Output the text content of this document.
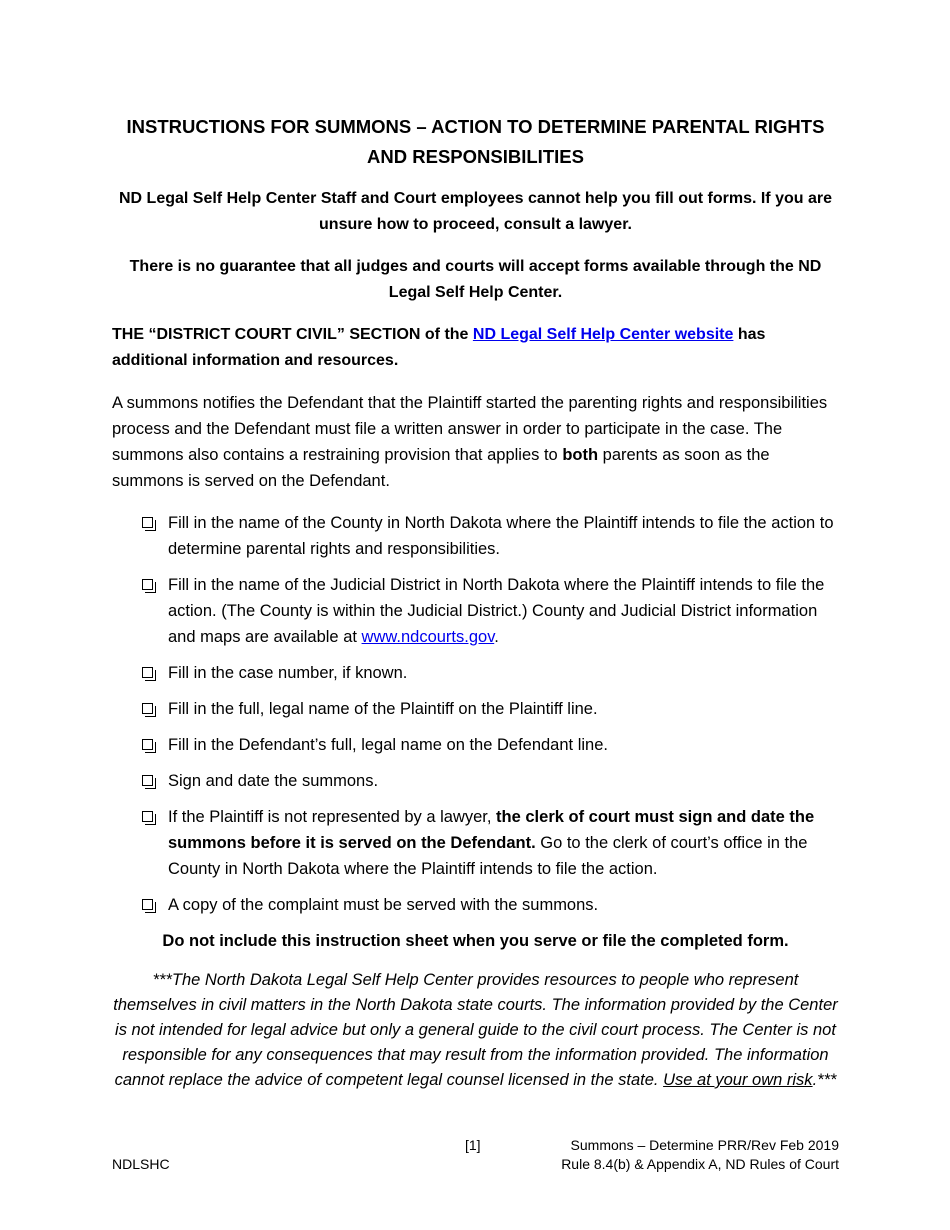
INSTRUCTIONS FOR SUMMONS – ACTION TO DETERMINE PARENTAL RIGHTS AND RESPONSIBILITIES

ND Legal Self Help Center Staff and Court employees cannot help you fill out forms. If you are unsure how to proceed, consult a lawyer.

There is no guarantee that all judges and courts will accept forms available through the ND Legal Self Help Center.

THE “DISTRICT COURT CIVIL” SECTION of the ND Legal Self Help Center website has additional information and resources.

A summons notifies the Defendant that the Plaintiff started the parenting rights and responsibilities process and the Defendant must file a written answer in order to participate in the case. The summons also contains a restraining provision that applies to both parents as soon as the summons is served on the Defendant.

Fill in the name of the County in North Dakota where the Plaintiff intends to file the action to determine parental rights and responsibilities.
Fill in the name of the Judicial District in North Dakota where the Plaintiff intends to file the action. (The County is within the Judicial District.) County and Judicial District information and maps are available at www.ndcourts.gov.
Fill in the case number, if known.
Fill in the full, legal name of the Plaintiff on the Plaintiff line.
Fill in the Defendant’s full, legal name on the Defendant line.
Sign and date the summons.
If the Plaintiff is not represented by a lawyer, the clerk of court must sign and date the summons before it is served on the Defendant. Go to the clerk of court’s office in the County in North Dakota where the Plaintiff intends to file the action.
A copy of the complaint must be served with the summons.

Do not include this instruction sheet when you serve or file the completed form.

***The North Dakota Legal Self Help Center provides resources to people who represent themselves in civil matters in the North Dakota state courts. The information provided by the Center is not intended for legal advice but only a general guide to the civil court process. The Center is not responsible for any consequences that may result from the information provided. The information cannot replace the advice of competent legal counsel licensed in the state. Use at your own risk.***

[1]	Summons – Determine PRR/Rev Feb 2019
NDLSHC	Rule 8.4(b) & Appendix A, ND Rules of Court
